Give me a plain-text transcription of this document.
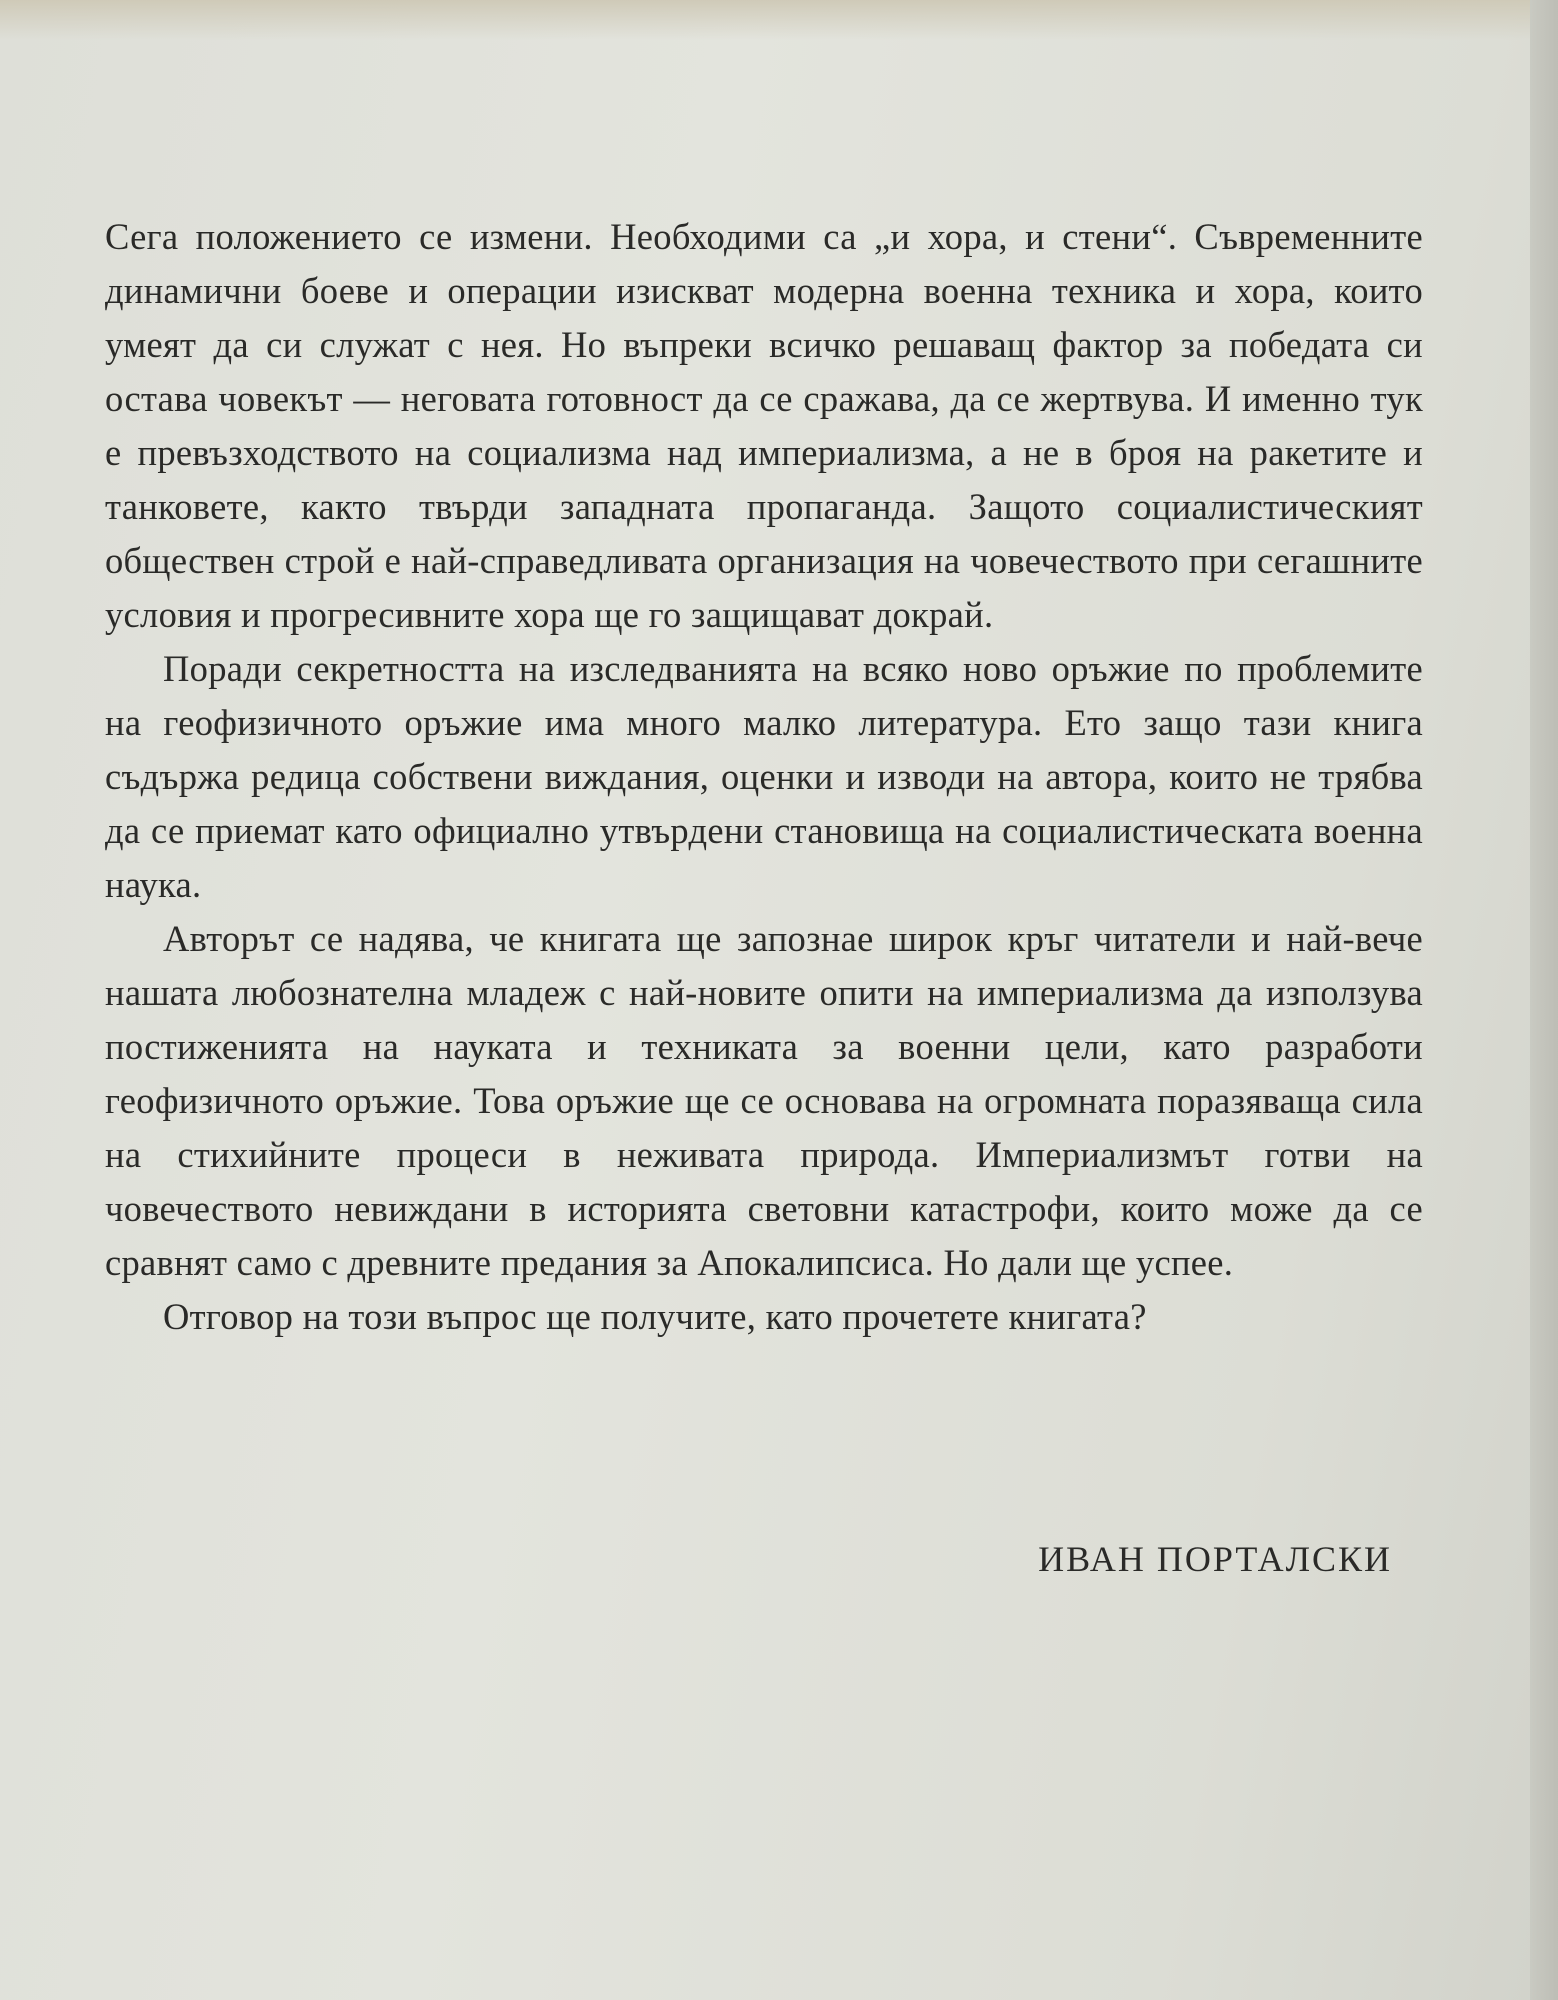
Сега положението се измени. Необходими са „и хора, и стени“. Съвременните динамични боеве и операции изискват модерна военна техника и хора, които умеят да си служат с нея. Но въпреки всичко решаващ фактор за победата си остава човекът — неговата готовност да се сражава, да се жертвува. И именно тук е превъзходството на социализма над империализма, а не в броя на ракетите и танковете, както твърди западната пропаганда. Защото социалистическият обществен строй е най-справедливата организация на човечеството при сегашните условия и прогресивните хора ще го защищават докрай.

Поради секретността на изследванията на всяко ново оръжие по проблемите на геофизичното оръжие има много малко литература. Ето защо тази книга съдържа редица собствени виждания, оценки и изводи на автора, които не трябва да се приемат като официално утвърдени становища на социалистическата военна наука.

Авторът се надява, че книгата ще запознае широк кръг читатели и най-вече нашата любознателна младеж с най-новите опити на империализма да използува постиженията на науката и техниката за военни цели, като разработи геофизичното оръжие. Това оръжие ще се основава на огромната поразяваща сила на стихийните процеси в неживата природа. Империализмът готви на човечеството невиждани в историята световни катастрофи, които може да се сравнят само с древните предания за Апокалипсиса. Но дали ще успее.

Отговор на този въпрос ще получите, като прочетете книгата?

ИВАН ПОРТАЛСКИ
